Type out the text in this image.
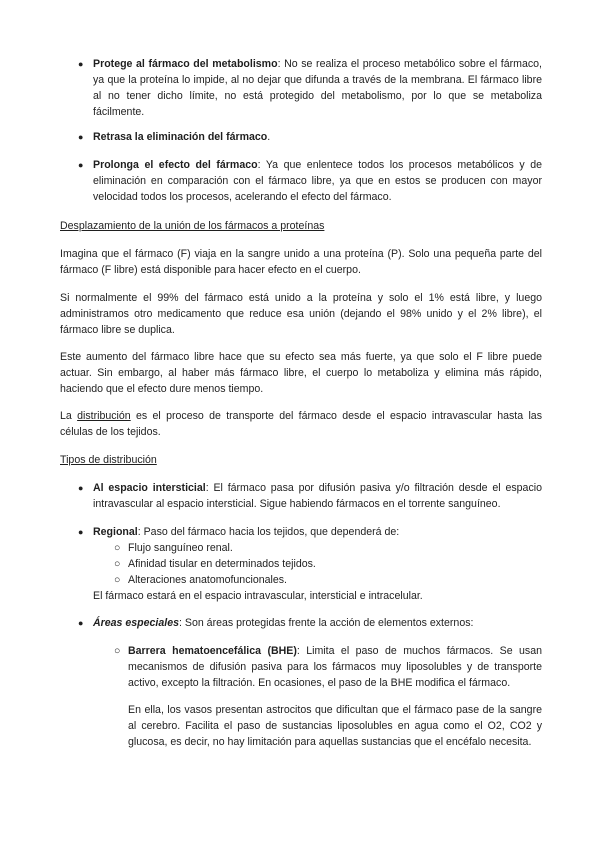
● Protege al fármaco del metabolismo: No se realiza el proceso metabólico sobre el fármaco, ya que la proteína lo impide, al no dejar que difunda a través de la membrana. El fármaco libre al no tener dicho límite, no está protegido del metabolismo, por lo que se metaboliza fácilmente.

● Retrasa la eliminación del fármaco.

● Prolonga el efecto del fármaco: Ya que enlentece todos los procesos metabólicos y de eliminación en comparación con el fármaco libre, ya que en estos se producen con mayor velocidad todos los procesos, acelerando el efecto del fármaco.

Desplazamiento de la unión de los fármacos a proteínas

Imagina que el fármaco (F) viaja en la sangre unido a una proteína (P). Solo una pequeña parte del fármaco (F libre) está disponible para hacer efecto en el cuerpo.

Si normalmente el 99% del fármaco está unido a la proteína y solo el 1% está libre, y luego administramos otro medicamento que reduce esa unión (dejando el 98% unido y el 2% libre), el fármaco libre se duplica.

Este aumento del fármaco libre hace que su efecto sea más fuerte, ya que solo el F libre puede actuar. Sin embargo, al haber más fármaco libre, el cuerpo lo metaboliza y elimina más rápido, haciendo que el efecto dure menos tiempo.

La distribución es el proceso de transporte del fármaco desde el espacio intravascular hasta las células de los tejidos.

Tipos de distribución

● Al espacio intersticial: El fármaco pasa por difusión pasiva y/o filtración desde el espacio intravascular al espacio intersticial. Sigue habiendo fármacos en el torrente sanguíneo.

● Regional: Paso del fármaco hacia los tejidos, que dependerá de:

○ Flujo sanguíneo renal.
○ Afinidad tisular en determinados tejidos.
○ Alteraciones anatomofuncionales.

El fármaco estará en el espacio intravascular, intersticial e intracelular.

● Áreas especiales: Son áreas protegidas frente la acción de elementos externos:

○ Barrera hematoencefálica (BHE): Limita el paso de muchos fármacos. Se usan mecanismos de difusión pasiva para los fármacos muy liposolubles y de transporte activo, excepto la filtración. En ocasiones, el paso de la BHE modifica el fármaco.

En ella, los vasos presentan astrocitos que dificultan que el fármaco pase de la sangre al cerebro. Facilita el paso de sustancias liposolubles en agua como el O2, CO2 y glucosa, es decir, no hay limitación para aquellas sustancias que el encéfalo necesita.
